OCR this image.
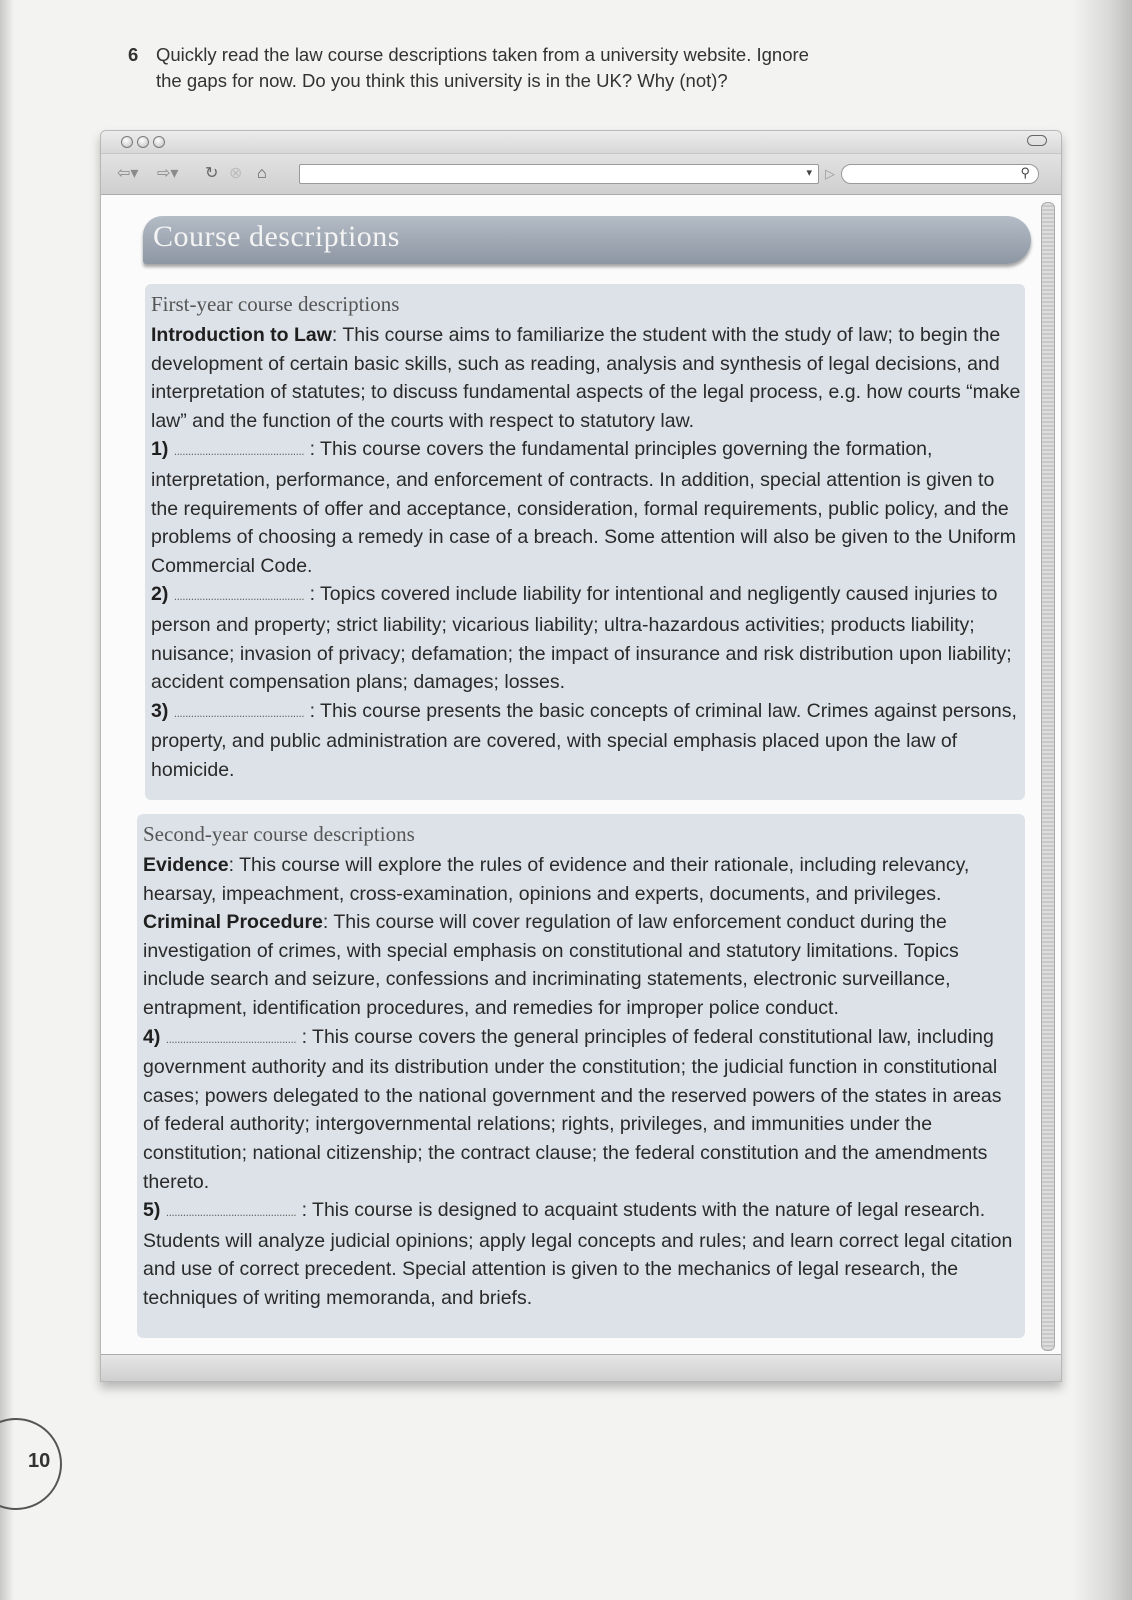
6 Quickly read the law course descriptions taken from a university website. Ignore
the gaps for now. Do you think this university is in the UK? Why (not)?
⇦▾ ⇨▾ ↻ ⊗ ⌂	▾ ▷	⚲
Course descriptions
First-year course descriptions
Introduction to Law: This course aims to familiarize the student with the study of law; to begin the development of certain basic skills, such as reading, analysis and synthesis of legal decisions, and interpretation of statutes; to discuss fundamental aspects of the legal process, e.g. how courts “make law” and the function of the courts with respect to statutory law.
1) .............................................. : This course covers the fundamental principles governing the formation, interpretation, performance, and enforcement of contracts. In addition, special attention is given to the requirements of offer and acceptance, consideration, formal requirements, public policy, and the problems of choosing a remedy in case of a breach. Some attention will also be given to the Uniform Commercial Code.
2) .............................................. : Topics covered include liability for intentional and negligently caused injuries to person and property; strict liability; vicarious liability; ultra-hazardous activities; products liability; nuisance; invasion of privacy; defamation; the impact of insurance and risk distribution upon liability; accident compensation plans; damages; losses.
3) .............................................. : This course presents the basic concepts of criminal law. Crimes against persons, property, and public administration are covered, with special emphasis placed upon the law of homicide.
Second-year course descriptions
Evidence: This course will explore the rules of evidence and their rationale, including relevancy, hearsay, impeachment, cross-examination, opinions and experts, documents, and privileges.
Criminal Procedure: This course will cover regulation of law enforcement conduct during the investigation of crimes, with special emphasis on constitutional and statutory limitations. Topics include search and seizure, confessions and incriminating statements, electronic surveillance, entrapment, identification procedures, and remedies for improper police conduct.
4) .............................................. : This course covers the general principles of federal constitutional law, including government authority and its distribution under the constitution; the judicial function in constitutional cases; powers delegated to the national government and the reserved powers of the states in areas of federal authority; intergovernmental relations; rights, privileges, and immunities under the constitution; national citizenship; the contract clause; the federal constitution and the amendments thereto.
5) .............................................. : This course is designed to acquaint students with the nature of legal research. Students will analyze judicial opinions; apply legal concepts and rules; and learn correct legal citation and use of correct precedent. Special attention is given to the mechanics of legal research, the techniques of writing memoranda, and briefs.

10
